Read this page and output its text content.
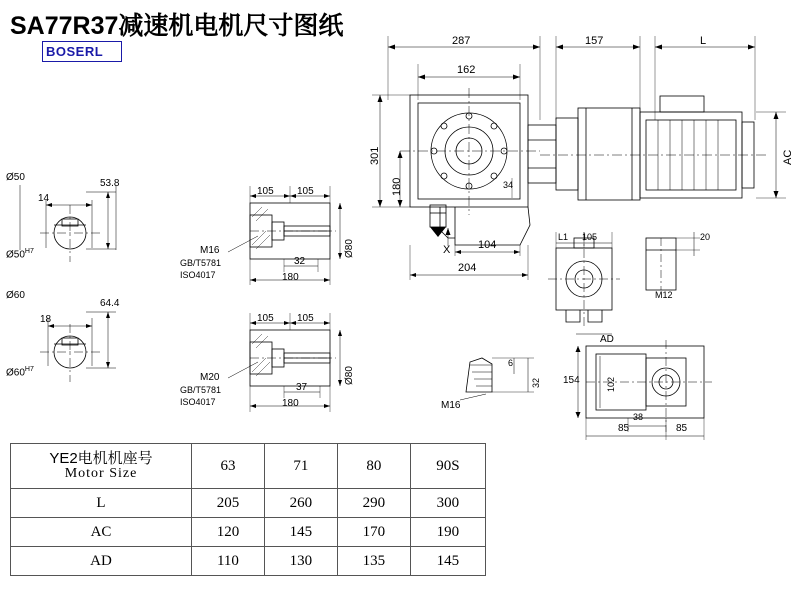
SA77R37减速机电机尺寸图纸
BOSERL
Ø50
14
53.8
$Ø50^{H7}$
Ø60
18
64.4
$Ø60^{H7}$
105 105
32
180
Ø80
M16
GB/T5781
ISO4017
105 105
37
180
Ø80
M20
GB/T5781
ISO4017
287	157	L
162
301
180	34
AC
X	104
204
L1 105
AD
20
M12
154	102
38
85	85
M16
6
32
YE2电机机座号
Motor Size	63	71	80	90S
L	205	260	290	300
AC	120	145	170	190
AD	110	130	135	145
